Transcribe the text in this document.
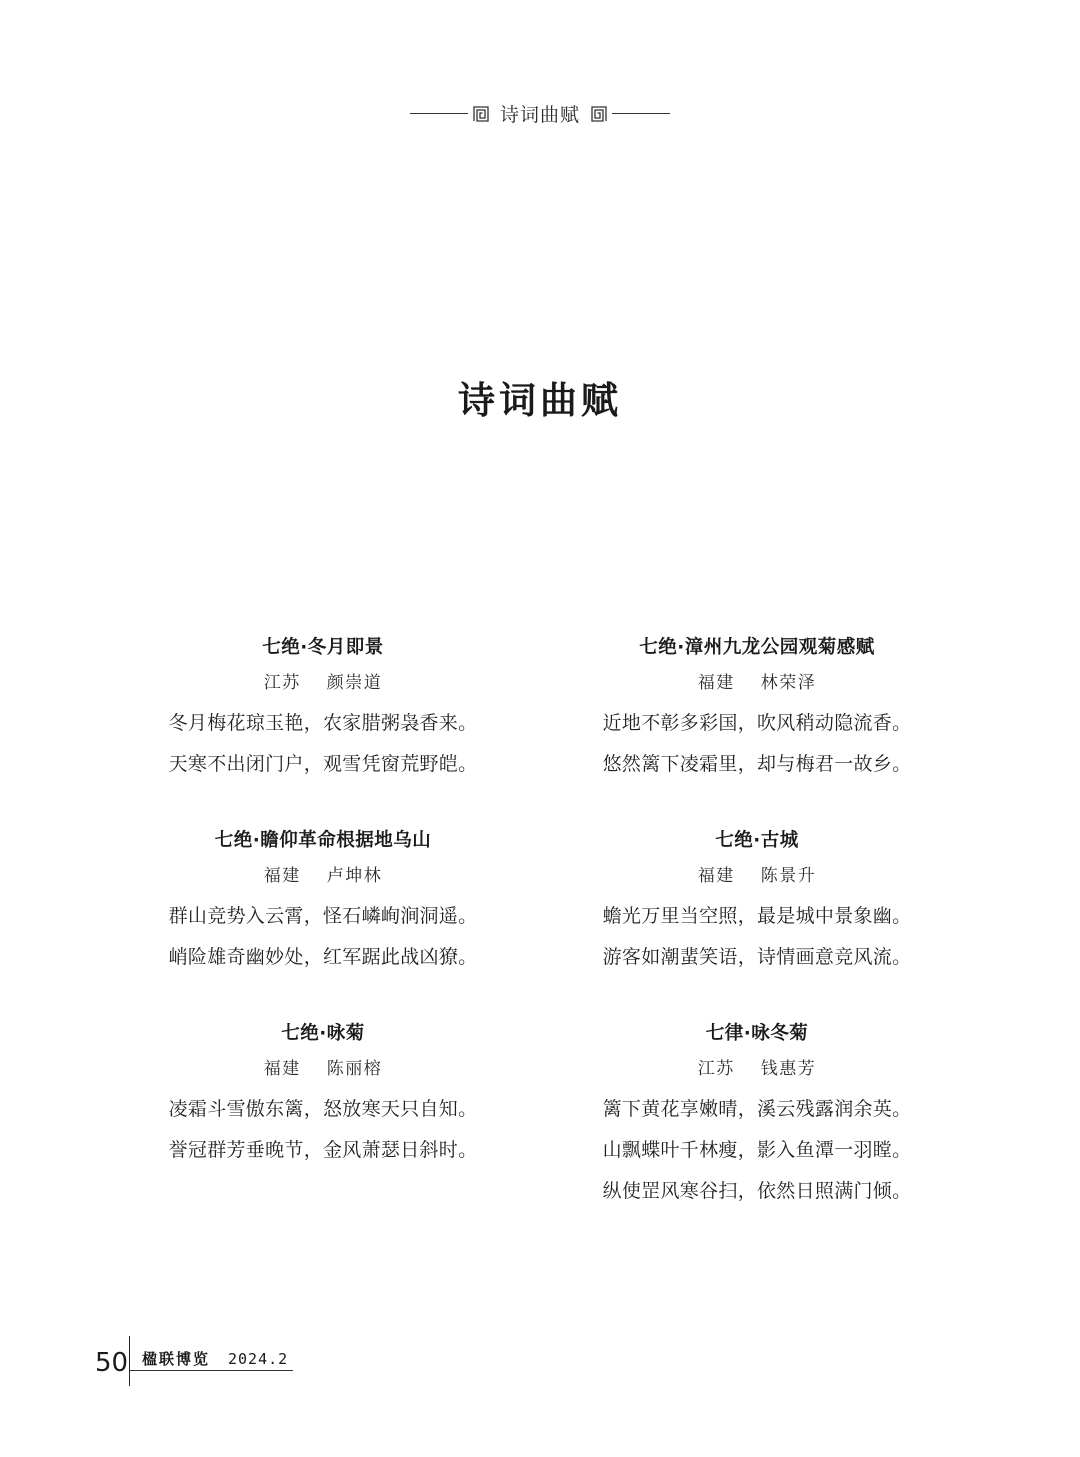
诗词曲赋
诗词曲赋
七绝·冬月即景
江苏 颜崇道
冬月梅花琼玉艳，农家腊粥袅香来。
天寒不出闭门户，观雪凭窗荒野皑。
七绝·瞻仰革命根据地乌山
福建 卢坤林
群山竞势入云霄，怪石嶙峋涧洞遥。
峭险雄奇幽妙处，红军踞此战凶獠。
七绝·咏菊
福建 陈丽榕
凌霜斗雪傲东篱，怒放寒天只自知。
誉冠群芳垂晚节，金风萧瑟日斜时。
七绝·漳州九龙公园观菊感赋
福建 林荣泽
近地不彰多彩国，吹风稍动隐流香。
悠然篱下凌霜里，却与梅君一故乡。
七绝·古城
福建 陈景升
蟾光万里当空照，最是城中景象幽。
游客如潮蜚笑语，诗情画意竞风流。
七律·咏冬菊
江苏 钱惠芳
篱下黄花享嫩晴，溪云残露润余英。
山飘蝶叶千林瘦，影入鱼潭一羽瞠。
纵使罡风寒谷扫，依然日照满门倾。
50 楹联博览 2024.2
